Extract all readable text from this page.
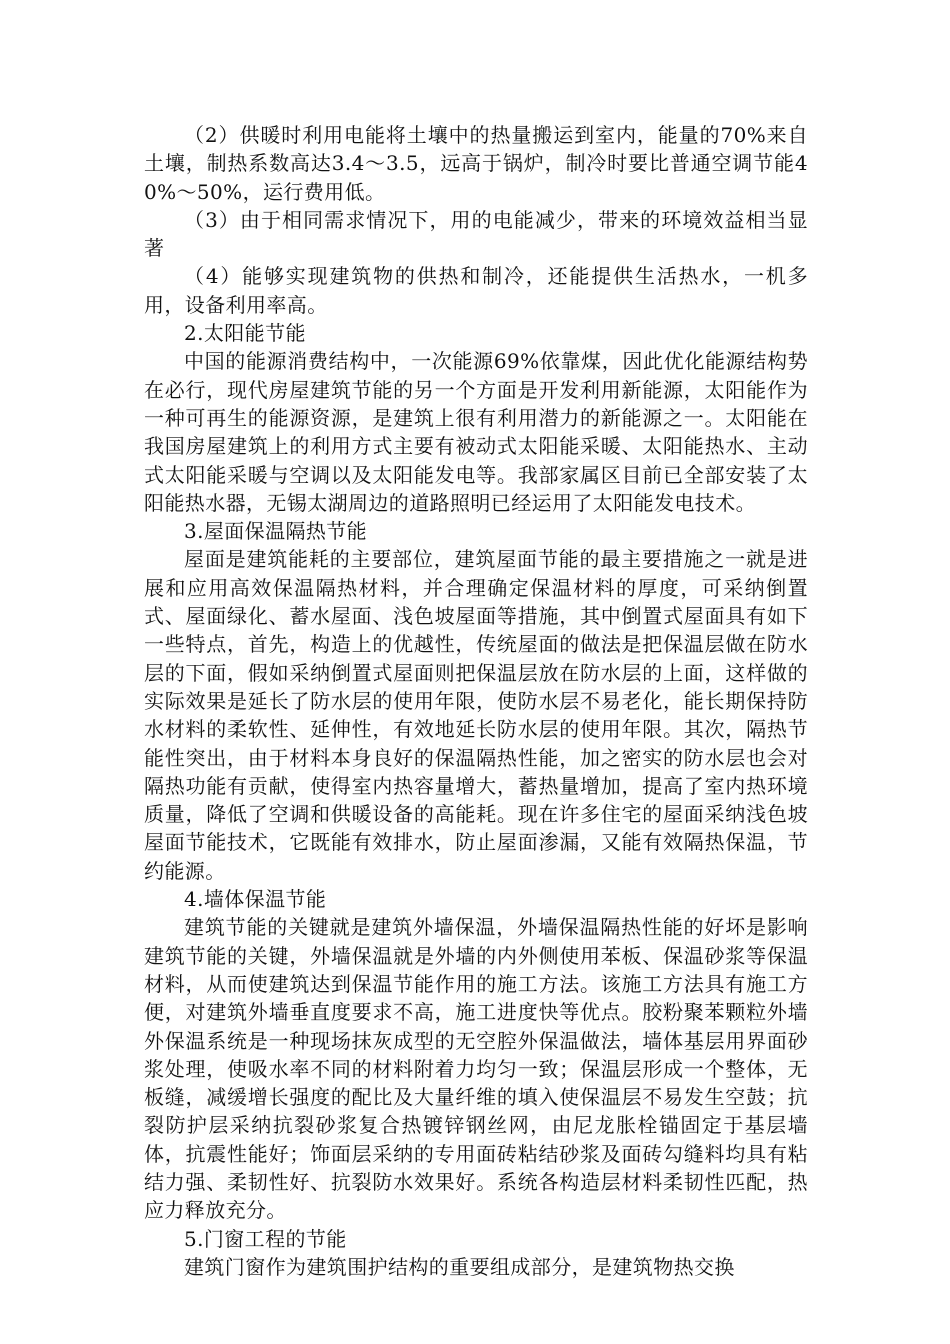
（2）供暖时利用电能将土壤中的热量搬运到室内，能量的70%来自土壤，制热系数高达3.4～3.5，远高于锅炉，制冷时要比普通空调节能40%～50%，运行费用低。

（3）由于相同需求情况下，用的电能减少，带来的环境效益相当显著

（4）能够实现建筑物的供热和制冷，还能提供生活热水，一机多用，设备利用率高。

2.太阳能节能

中国的能源消费结构中，一次能源69%依靠煤，因此优化能源结构势在必行，现代房屋建筑节能的另一个方面是开发利用新能源，太阳能作为一种可再生的能源资源，是建筑上很有利用潜力的新能源之一。太阳能在我国房屋建筑上的利用方式主要有被动式太阳能采暖、太阳能热水、主动式太阳能采暖与空调以及太阳能发电等。我部家属区目前已全部安装了太阳能热水器，无锡太湖周边的道路照明已经运用了太阳能发电技术。

3.屋面保温隔热节能

屋面是建筑能耗的主要部位，建筑屋面节能的最主要措施之一就是进展和应用高效保温隔热材料，并合理确定保温材料的厚度，可采纳倒置式、屋面绿化、蓄水屋面、浅色坡屋面等措施，其中倒置式屋面具有如下一些特点，首先，构造上的优越性，传统屋面的做法是把保温层做在防水层的下面，假如采纳倒置式屋面则把保温层放在防水层的上面，这样做的实际效果是延长了防水层的使用年限，使防水层不易老化，能长期保持防水材料的柔软性、延伸性，有效地延长防水层的使用年限。其次，隔热节能性突出，由于材料本身良好的保温隔热性能，加之密实的防水层也会对隔热功能有贡献，使得室内热容量增大，蓄热量增加，提高了室内热环境质量，降低了空调和供暖设备的高能耗。现在许多住宅的屋面采纳浅色坡屋面节能技术，它既能有效排水，防止屋面渗漏，又能有效隔热保温，节约能源。

4.墙体保温节能

建筑节能的关键就是建筑外墙保温，外墙保温隔热性能的好坏是影响建筑节能的关键，外墙保温就是外墙的内外侧使用苯板、保温砂浆等保温材料，从而使建筑达到保温节能作用的施工方法。该施工方法具有施工方便，对建筑外墙垂直度要求不高，施工进度快等优点。胶粉聚苯颗粒外墙外保温系统是一种现场抹灰成型的无空腔外保温做法，墙体基层用界面砂浆处理，使吸水率不同的材料附着力均匀一致；保温层形成一个整体，无板缝，减缓增长强度的配比及大量纤维的填入使保温层不易发生空鼓；抗裂防护层采纳抗裂砂浆复合热镀锌钢丝网，由尼龙胀栓锚固定于基层墙体，抗震性能好；饰面层采纳的专用面砖粘结砂浆及面砖勾缝料均具有粘结力强、柔韧性好、抗裂防水效果好。系统各构造层材料柔韧性匹配，热应力释放充分。

5.门窗工程的节能

建筑门窗作为建筑围护结构的重要组成部分，是建筑物热交换
